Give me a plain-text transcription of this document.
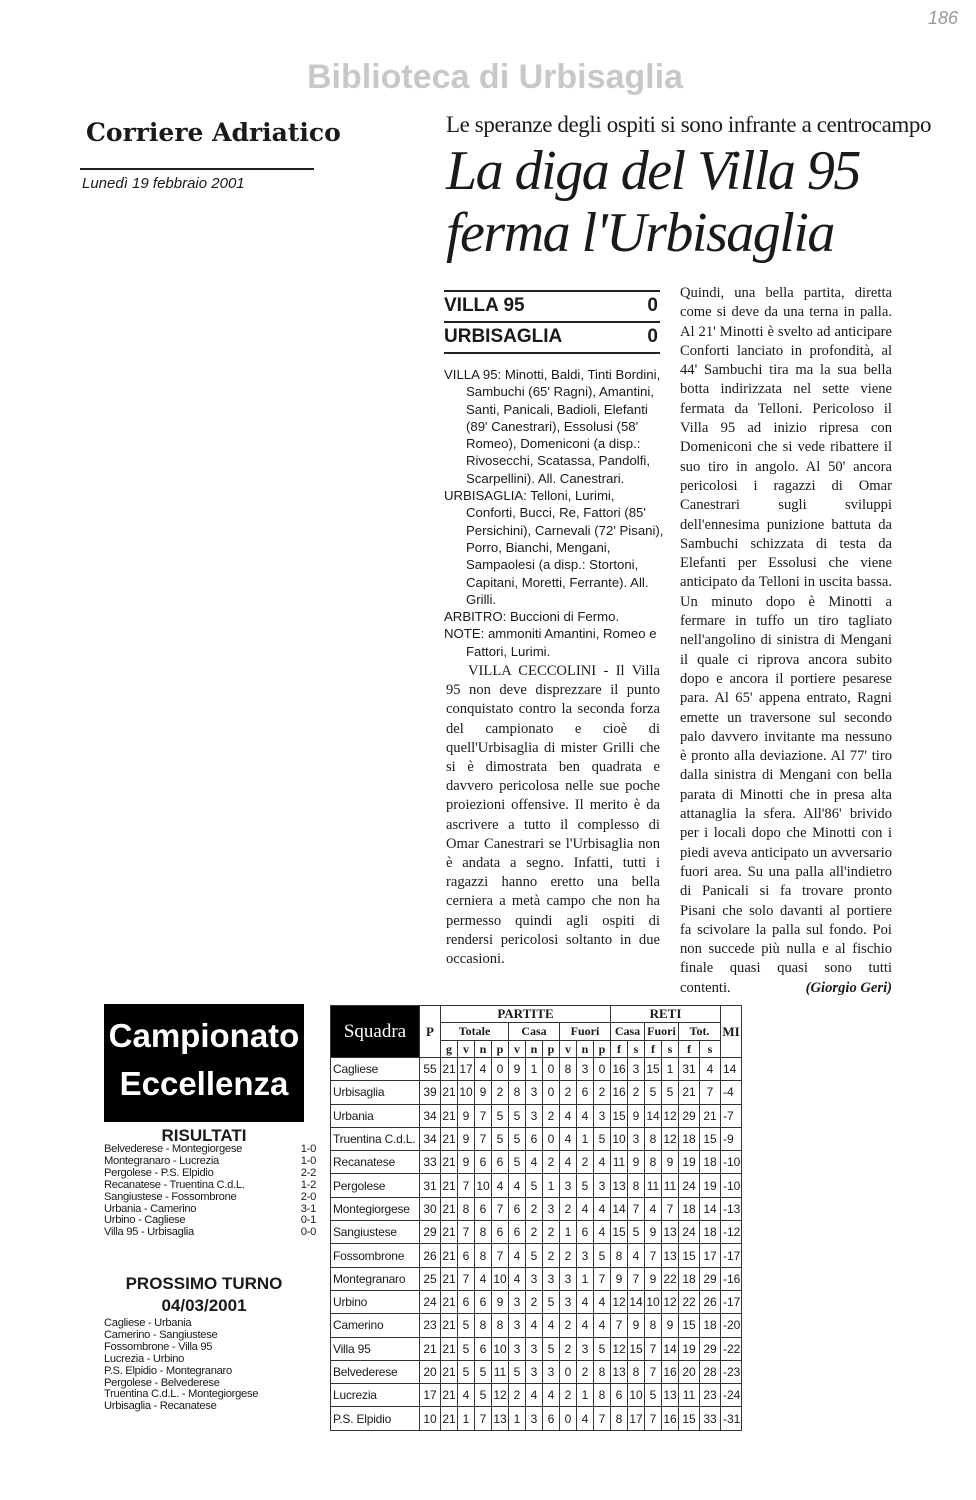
Biblioteca di Urbisaglia
186
Corriere Adriatico
Lunedì 19 febbraio 2001
Le speranze degli ospiti si sono infrante a centrocampo
La diga del Villa 95
ferma l'Urbisaglia
VILLA 95	0
URBISAGLIA	0

VILLA 95: Minotti, Baldi, Tinti Bordini, Sambuchi (65' Ragni), Amantini, Santi, Panicali, Badioli, Elefanti (89' Canestrari), Essolusi (58' Romeo), Domeniconi (a disp.: Rivosecchi, Scatassa, Pandolfi, Scarpellini). All. Canestrari.

URBISAGLIA: Telloni, Lurimi, Conforti, Bucci, Re, Fattori (85' Persichini), Carnevali (72' Pisani), Porro, Bianchi, Mengani, Sampaolesi (a disp.: Stortoni, Capitani, Moretti, Ferrante). All. Grilli.

ARBITRO: Buccioni di Fermo.

NOTE: ammoniti Amantini, Romeo e Fattori, Lurimi.

VILLA CECCOLINI - Il Villa 95 non deve disprezzare il punto conquistato contro la seconda forza del campionato e cioè di quell'Urbisaglia di mister Grilli che si è dimostrata ben quadrata e davvero pericolosa nelle sue poche proiezioni offensive. Il merito è da ascrivere a tutto il complesso di Omar Canestrari se l'Urbisaglia non è andata a segno. Infatti, tutti i ragazzi hanno eretto una bella cerniera a metà campo che non ha permesso quindi agli ospiti di rendersi pericolosi soltanto in due occasioni.
Quindi, una bella partita, diretta come si deve da una terna in palla. Al 21' Minotti è svelto ad anticipare Conforti lanciato in profondità, al 44' Sambuchi tira ma la sua bella botta indirizzata nel sette viene fermata da Telloni. Pericoloso il Villa 95 ad inizio ripresa con Domeniconi che si vede ribattere il suo tiro in angolo. Al 50' ancora pericolosi i ragazzi di Omar Canestrari sugli sviluppi dell'ennesima punizione battuta da Sambuchi schizzata di testa da Elefanti per Essolusi che viene anticipato da Telloni in uscita bassa. Un minuto dopo è Minotti a fermare in tuffo un tiro tagliato nell'angolino di sinistra di Mengani il quale ci riprova ancora subito dopo e ancora il portiere pesarese para. Al 65' appena entrato, Ragni emette un traversone sul secondo palo davvero invitante ma nessuno è pronto alla deviazione. Al 77' tiro dalla sinistra di Mengani con bella parata di Minotti che in presa alta attanaglia la sfera. All'86' brivido per i locali dopo che Minotti con i piedi aveva anticipato un avversario fuori area. Su una palla all'indietro di Panicali si fa trovare pronto Pisani che solo davanti al portiere fa scivolare la palla sul fondo. Poi non succede più nulla e al fischio finale quasi quasi sono tutti contenti.	(Giorgio Geri)
Campionato
Eccellenza
RISULTATI
Belvederese - Montegiorgese	1-0
Montegranaro - Lucrezia	1-0
Pergolese - P.S. Elpidio	2-2
Recanatese - Truentina C.d.L.	1-2
Sangiustese - Fossombrone	2-0
Urbania - Camerino	3-1
Urbino - Cagliese	0-1
Villa 95 - Urbisaglia	0-0
PROSSIMO TURNO
04/03/2001
Cagliese - Urbania
Camerino - Sangiustese
Fossombrone - Villa 95
Lucrezia - Urbino
P.S. Elpidio - Montegranaro
Pergolese - Belvederese
Truentina C.d.L. - Montegiorgese
Urbisaglia - Recanatese
Squadra	P	PARTITE										RETI						MI
		Totale				Casa			Fuori			Casa		Fuori		Tot.		
		g	v	n	p	v	n	p	v	n	p	f	s	f	s	f	s	
Cagliese	55	21	17	4	0	9	1	0	8	3	0	16	3	15	1	31	4	14
Urbisaglia	39	21	10	9	2	8	3	0	2	6	2	16	2	5	5	21	7	-4
Urbania	34	21	9	7	5	5	3	2	4	4	3	15	9	14	12	29	21	-7
Truentina C.d.L.	34	21	9	7	5	5	6	0	4	1	5	10	3	8	12	18	15	-9
Recanatese	33	21	9	6	6	5	4	2	4	2	4	11	9	8	9	19	18	-10
Pergolese	31	21	7	10	4	4	5	1	3	5	3	13	8	11	11	24	19	-10
Montegiorgese	30	21	8	6	7	6	2	3	2	4	4	14	7	4	7	18	14	-13
Sangiustese	29	21	7	8	6	6	2	2	1	6	4	15	5	9	13	24	18	-12
Fossombrone	26	21	6	8	7	4	5	2	2	3	5	8	4	7	13	15	17	-17
Montegranaro	25	21	7	4	10	4	3	3	3	1	7	9	7	9	22	18	29	-16
Urbino	24	21	6	6	9	3	2	5	3	4	4	12	14	10	12	22	26	-17
Camerino	23	21	5	8	8	3	4	4	2	4	4	7	9	8	9	15	18	-20
Villa 95	21	21	5	6	10	3	3	5	2	3	5	12	15	7	14	19	29	-22
Belvederese	20	21	5	5	11	5	3	3	0	2	8	13	8	7	16	20	28	-23
Lucrezia	17	21	4	5	12	2	4	4	2	1	8	6	10	5	13	11	23	-24
P.S. Elpidio	10	21	1	7	13	1	3	6	0	4	7	8	17	7	16	15	33	-31
